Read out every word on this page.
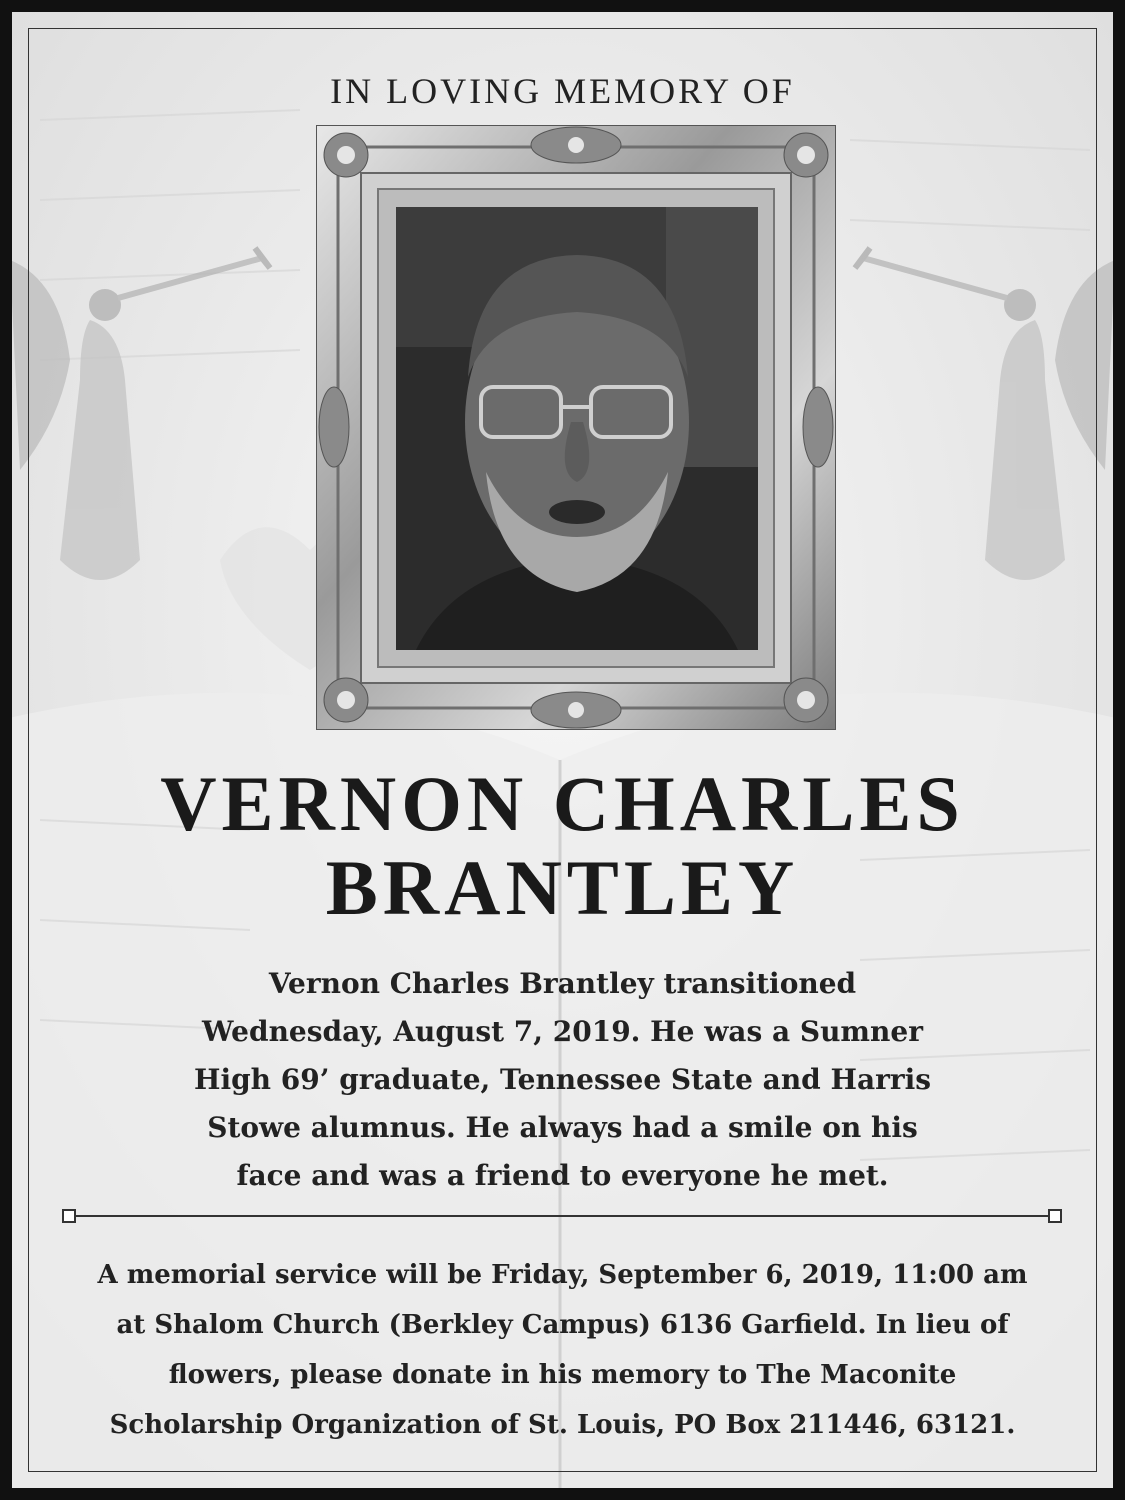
IN LOVING MEMORY OF
VERNON CHARLES
BRANTLEY
Vernon Charles Brantley transitioned
Wednesday, August 7, 2019. He was a Sumner
High 69’ graduate, Tennessee State and Harris
Stowe alumnus. He always had a smile on his
face and was a friend to everyone he met.
A memorial service will be Friday, September 6, 2019, 11:00 am
at Shalom Church (Berkley Campus) 6136 Garfield. In lieu of
flowers, please donate in his memory to The Maconite
Scholarship Organization of St. Louis, PO Box 211446, 63121.
